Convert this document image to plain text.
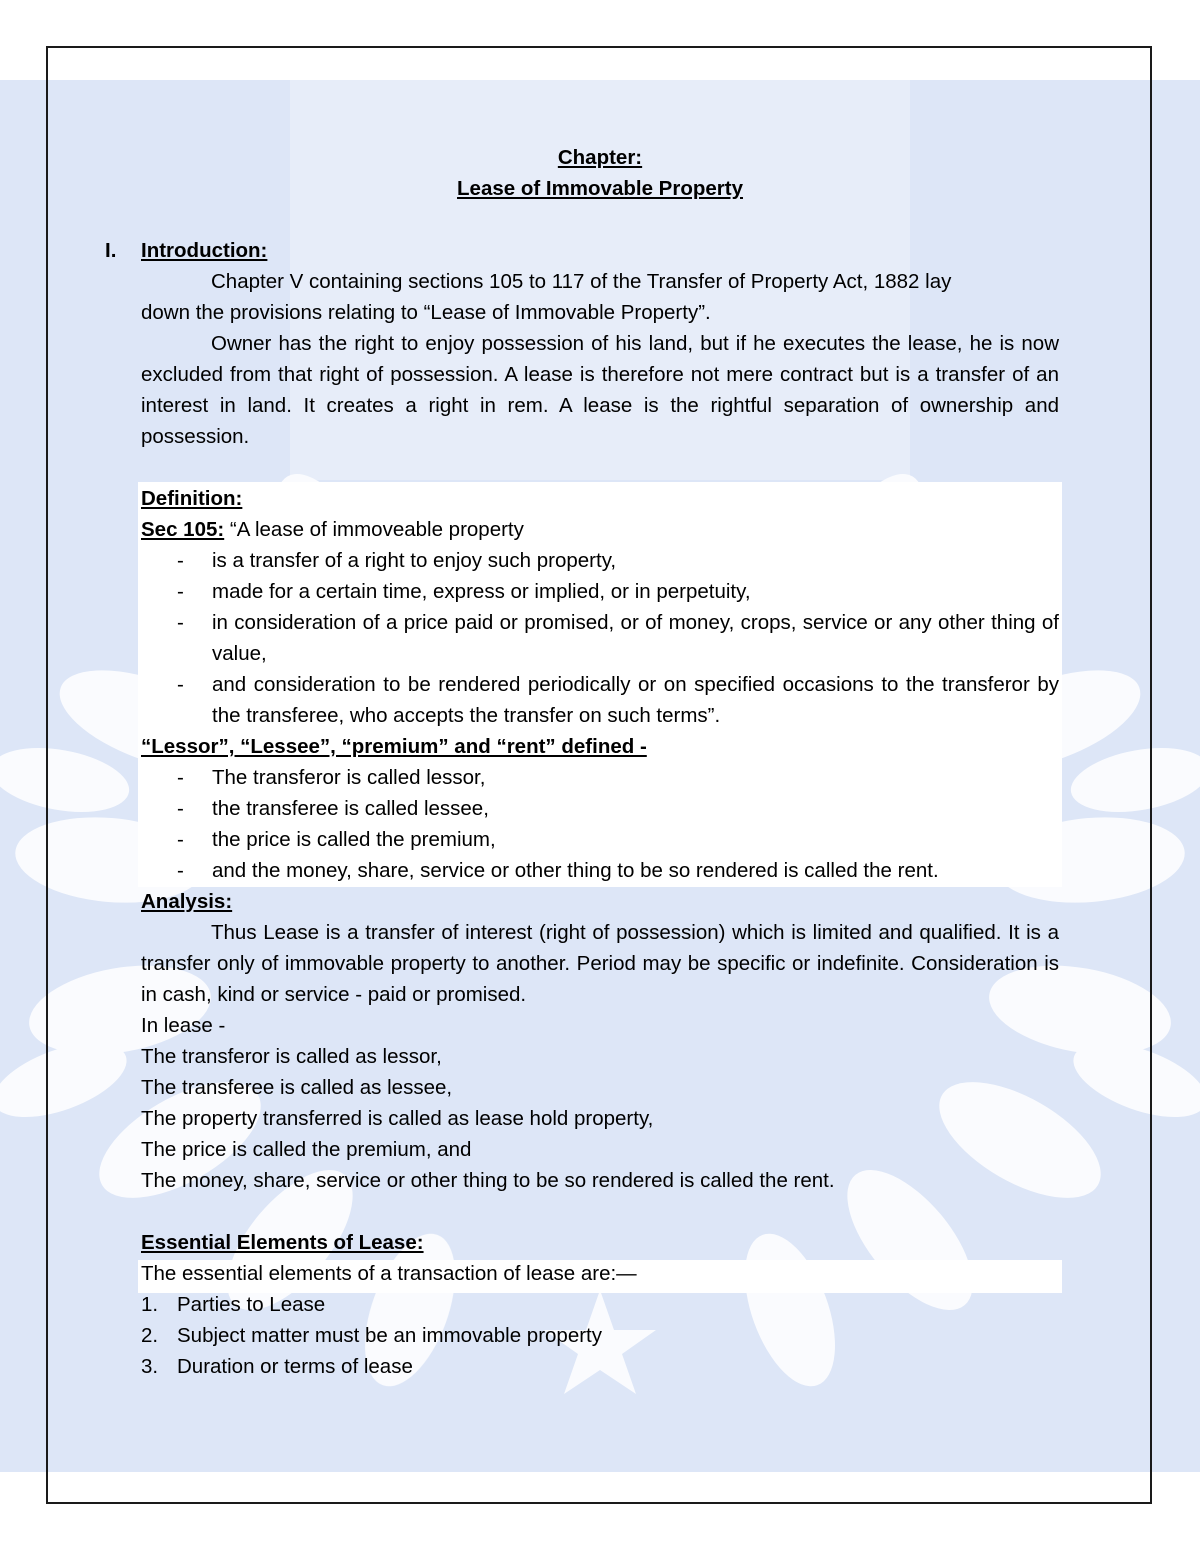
Chapter:
Lease of Immovable Property
I. Introduction:
Chapter V containing sections 105 to 117 of the Transfer of Property Act, 1882 lay
down the provisions relating to “Lease of Immovable Property”.
Owner has the right to enjoy possession of his land, but if he executes the lease, he is now excluded from that right of possession. A lease is therefore not mere contract but is a transfer of an interest in land. It creates a right in rem. A lease is the rightful separation of ownership and possession.
Definition:
Sec 105: “A lease of immoveable property
- is a transfer of a right to enjoy such property,
- made for a certain time, express or implied, or in perpetuity,
- in consideration of a price paid or promised, or of money, crops, service or any other thing of value,
- and consideration to be rendered periodically or on specified occasions to the transferor by the transferee, who accepts the transfer on such terms”.
“Lessor”, “Lessee”, “premium” and “rent” defined -
- The transferor is called lessor,
- the transferee is called lessee,
- the price is called the premium,
- and the money, share, service or other thing to be so rendered is called the rent.
Analysis:
Thus Lease is a transfer of interest (right of possession) which is limited and qualified. It is a transfer only of immovable property to another. Period may be specific or indefinite. Consideration is in cash, kind or service - paid or promised.
In lease -
The transferor is called as lessor,
The transferee is called as lessee,
The property transferred is called as lease hold property,
The price is called the premium, and
The money, share, service or other thing to be so rendered is called the rent.
Essential Elements of Lease:
The essential elements of a transaction of lease are:—
1. Parties to Lease
2. Subject matter must be an immovable property
3. Duration or terms of lease
